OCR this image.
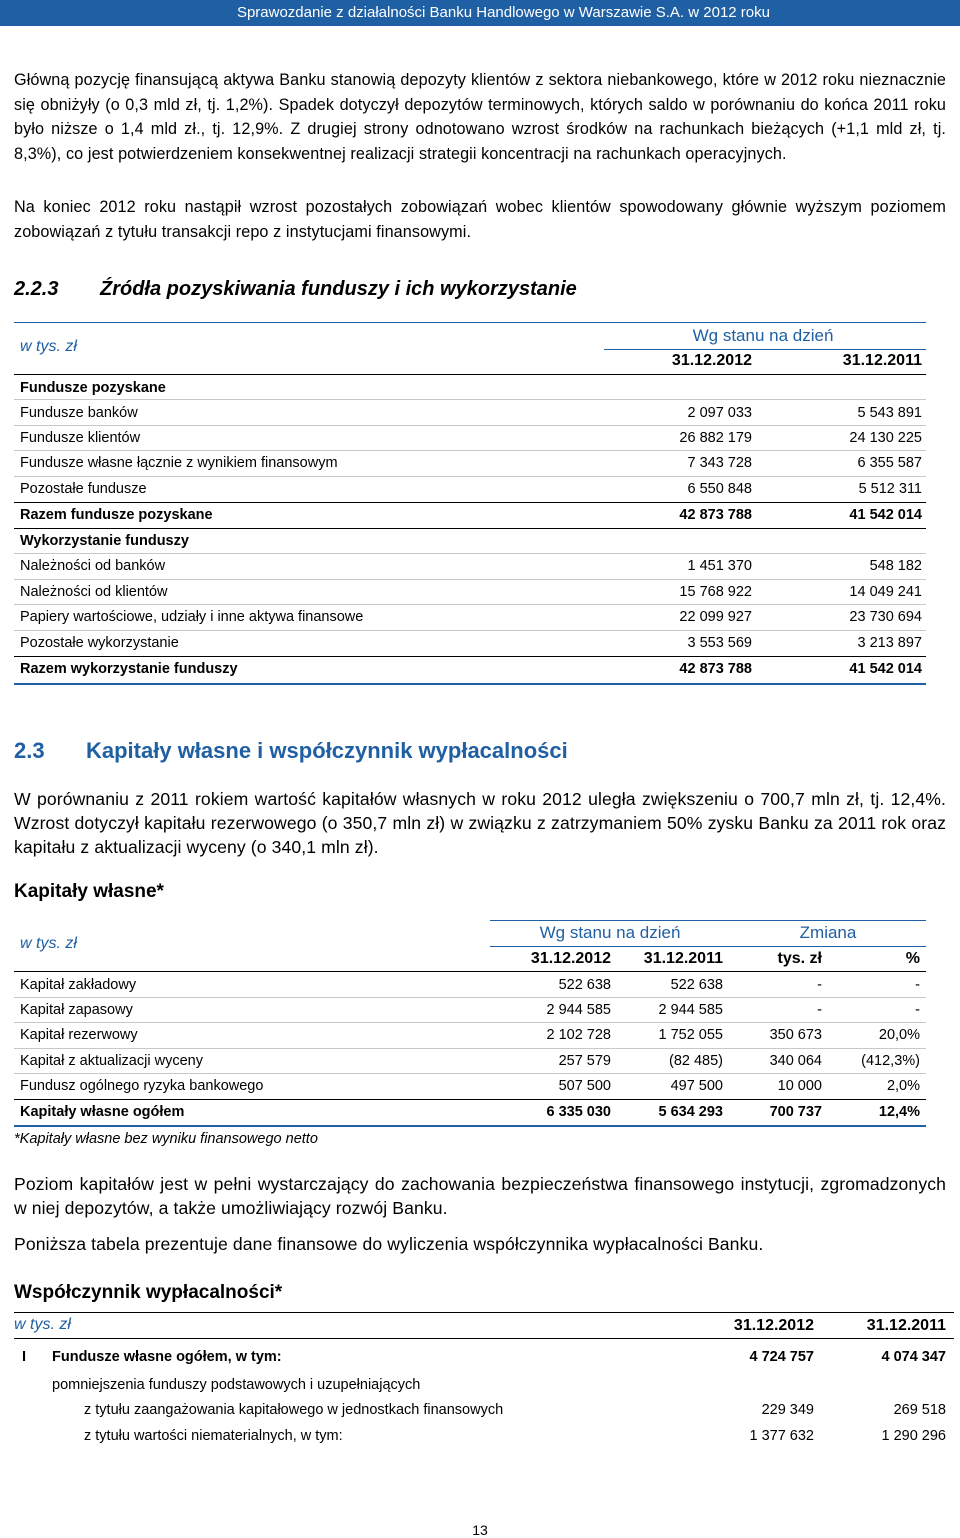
Sprawozdanie z działalności Banku Handlowego w Warszawie S.A. w 2012 roku
Główną pozycję finansującą aktywa Banku stanowią depozyty klientów z sektora niebankowego, które w 2012 roku nieznacznie się obniżyły (o 0,3 mld zł, tj. 1,2%). Spadek dotyczył depozytów terminowych, których saldo w porównaniu do końca 2011 roku było niższe o 1,4 mld zł., tj. 12,9%. Z drugiej strony odnotowano wzrost środków na rachunkach bieżących (+1,1 mld zł, tj. 8,3%), co jest potwierdzeniem konsekwentnej realizacji strategii koncentracji na rachunkach operacyjnych.
Na koniec 2012 roku nastąpił wzrost pozostałych zobowiązań wobec klientów spowodowany głównie wyższym poziomem zobowiązań z tytułu transakcji repo z instytucjami finansowymi.
2.2.3 Źródła pozyskiwania funduszy i ich wykorzystanie
w tys. zł
Wg stanu na dzień
31.12.2012	31.12.2011
Fundusze pozyskane
Fundusze banków	2 097 033	5 543 891
Fundusze klientów	26 882 179	24 130 225
Fundusze własne łącznie z wynikiem finansowym	7 343 728	6 355 587
Pozostałe fundusze	6 550 848	5 512 311
Razem fundusze pozyskane	42 873 788	41 542 014
Wykorzystanie funduszy
Należności od banków	1 451 370	548 182
Należności od klientów	15 768 922	14 049 241
Papiery wartościowe, udziały i inne aktywa finansowe	22 099 927	23 730 694
Pozostałe wykorzystanie	3 553 569	3 213 897
Razem wykorzystanie funduszy	42 873 788	41 542 014
2.3 Kapitały własne i współczynnik wypłacalności
W porównaniu z 2011 rokiem wartość kapitałów własnych w roku 2012 uległa zwiększeniu o 700,7 mln zł, tj. 12,4%. Wzrost dotyczył kapitału rezerwowego (o 350,7 mln zł) w związku z zatrzymaniem 50% zysku Banku za 2011 rok oraz kapitału z aktualizacji wyceny (o 340,1 mln zł).
Kapitały własne*
w tys. zł
Wg stanu na dzień	Zmiana
31.12.2012	31.12.2011	tys. zł	%
Kapitał zakładowy	522 638	522 638	-	-
Kapitał zapasowy	2 944 585	2 944 585	-	-
Kapitał rezerwowy	2 102 728	1 752 055	350 673	20,0%
Kapitał z aktualizacji wyceny	257 579	(82 485)	340 064	(412,3%)
Fundusz ogólnego ryzyka bankowego	507 500	497 500	10 000	2,0%
Kapitały własne ogółem	6 335 030	5 634 293	700 737	12,4%
*Kapitały własne bez wyniku finansowego netto
Poziom kapitałów jest w pełni wystarczający do zachowania bezpieczeństwa finansowego instytucji, zgromadzonych w niej depozytów, a także umożliwiający rozwój Banku.
Poniższa tabela prezentuje dane finansowe do wyliczenia współczynnika wypłacalności Banku.
Współczynnik wypłacalności*
w tys. zł	31.12.2012	31.12.2011
I Fundusze własne ogółem, w tym:	4 724 757	4 074 347
pomniejszenia funduszy podstawowych i uzupełniających
z tytułu zaangażowania kapitałowego w jednostkach finansowych	229 349	269 518
z tytułu wartości niematerialnych, w tym:	1 377 632	1 290 296
13
